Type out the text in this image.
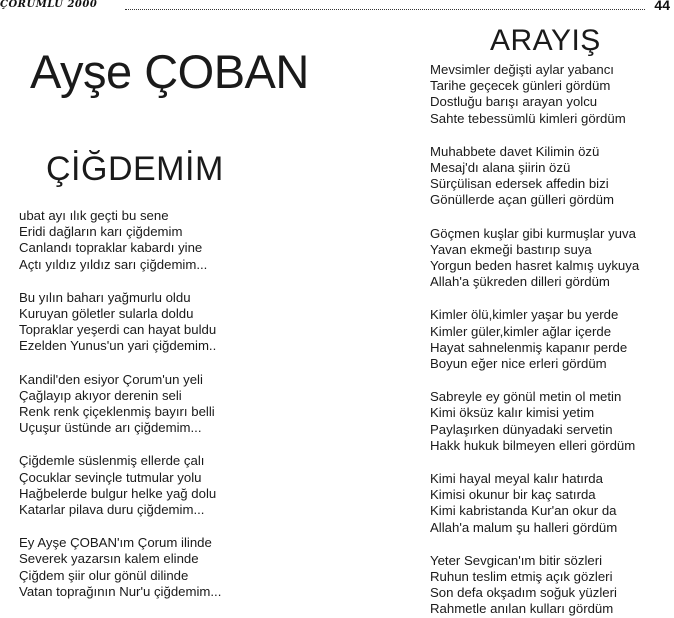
ÇORUMLU 2000	44
Ayşe ÇOBAN
ÇİĞDEMİM
ARAYIŞ
ubat ayı ılık geçti bu sene
Eridi dağların karı çiğdemim
Canlandı topraklar kabardı yine
Açtı yıldız yıldız sarı çiğdemim...
Bu yılın baharı yağmurlu oldu
Kuruyan göletler sularla doldu
Topraklar yeşerdi can hayat buldu
Ezelden Yunus'un yari çiğdemim..
Kandil'den esiyor Çorum'un yeli
Çağlayıp akıyor derenin seli
Renk renk çiçeklenmiş bayırı belli
Uçuşur üstünde arı çiğdemim...
Çiğdemle süslenmiş ellerde çalı
Çocuklar sevinçle tutmular yolu
Hağbelerde bulgur helke yağ dolu
Katarlar pilava duru çiğdemim...
Ey Ayşe ÇOBAN'ım Çorum ilinde
Severek yazarsın kalem elinde
Çiğdem şiir olur gönül dilinde
Vatan toprağının Nur'u çiğdemim...
Mevsimler değişti aylar yabancı
Tarihe geçecek günleri gördüm
Dostluğu barışı arayan yolcu
Sahte tebessümlü kimleri gördüm
Muhabbete davet Kilimin özü
Mesaj'dı alana şiirin özü
Sürçülisan edersek affedin bizi
Gönüllerde açan gülleri gördüm
Göçmen kuşlar gibi kurmuşlar yuva
Yavan ekmeği bastırıp suya
Yorgun beden hasret kalmış uykuya
Allah'a şükreden dilleri gördüm
Kimler ölü,kimler yaşar bu yerde
Kimler güler,kimler ağlar içerde
Hayat sahnelenmiş kapanır perde
Boyun eğer nice erleri gördüm
Sabreyle ey gönül metin ol metin
Kimi öksüz kalır kimisi yetim
Paylaşırken dünyadaki servetin
Hakk hukuk bilmeyen elleri gördüm
Kimi hayal meyal kalır hatırda
Kimisi okunur bir kaç satırda
Kimi kabristanda Kur'an okur da
Allah'a malum şu halleri gördüm
Yeter Sevgican'ım bitir sözleri
Ruhun teslim etmiş açık gözleri
Son defa okşadım soğuk yüzleri
Rahmetle anılan kulları gördüm
